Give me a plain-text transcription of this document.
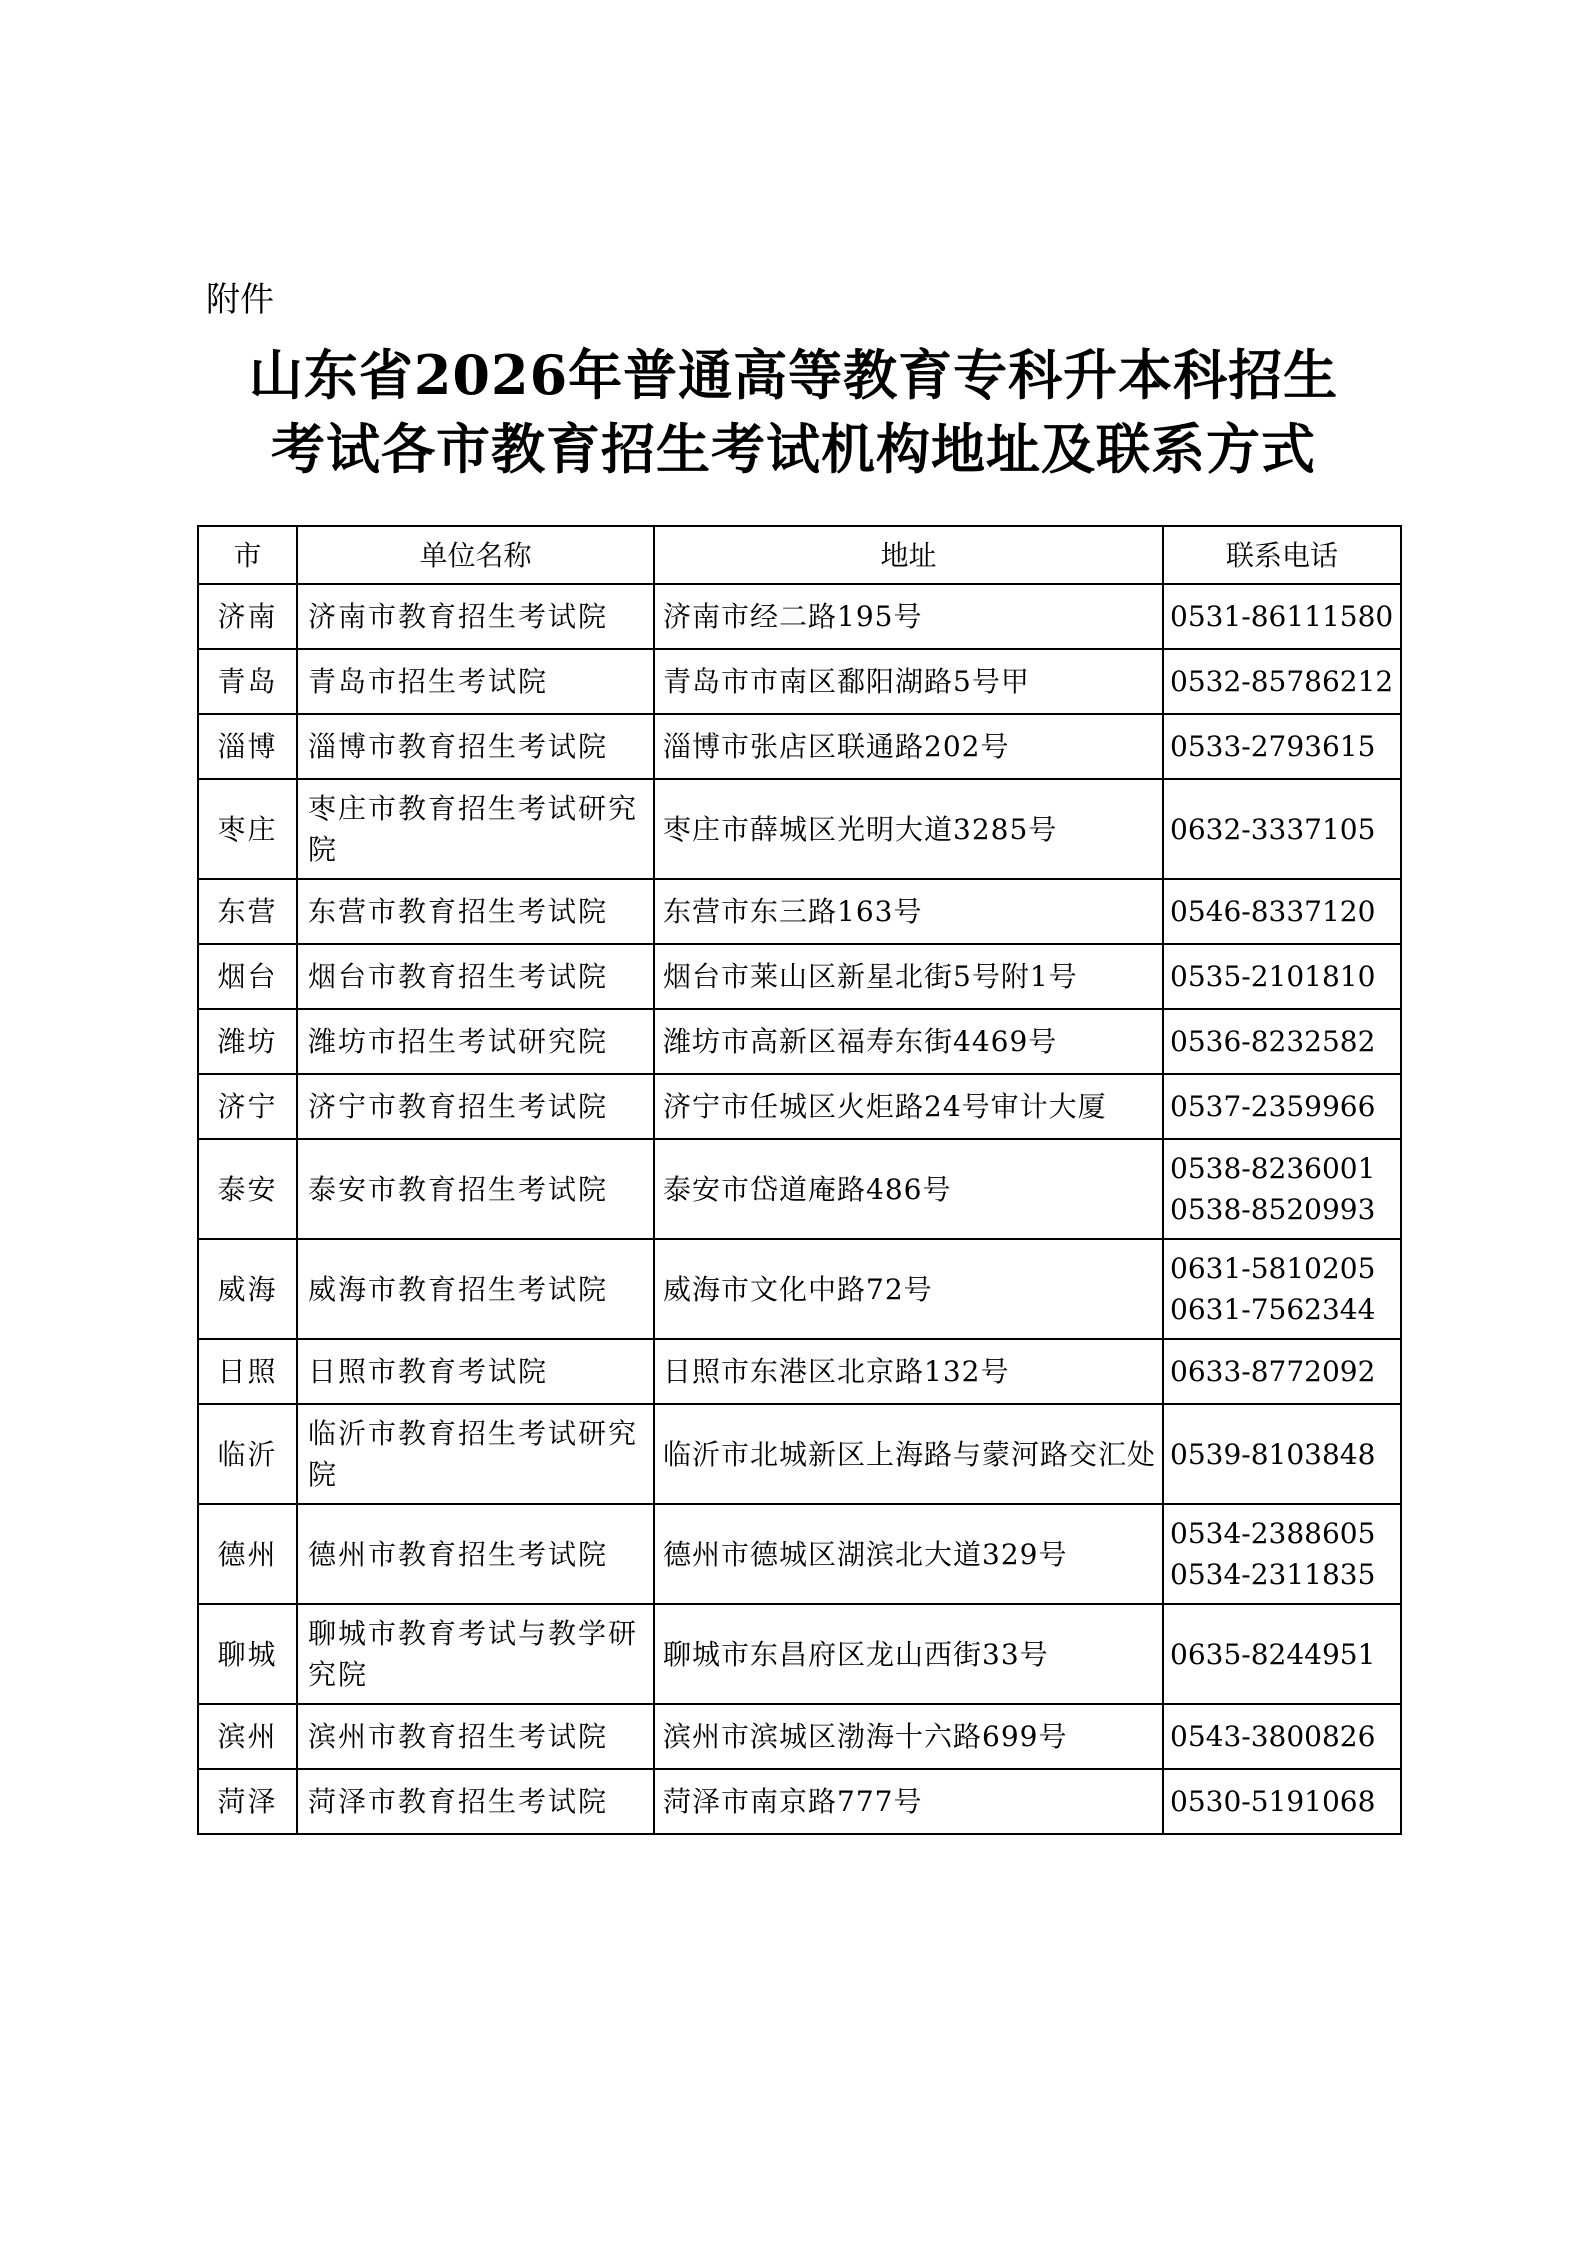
附件
山东省2026年普通高等教育专科升本科招生
考试各市教育招生考试机构地址及联系方式
市	单位名称	地址	联系电话
济南	济南市教育招生考试院	济南市经二路195号	0531-86111580

青岛	青岛市招生考试院	青岛市市南区鄱阳湖路5号甲	0532-85786212

淄博	淄博市教育招生考试院	淄博市张店区联通路202号	0533-2793615

枣庄	枣庄市教育招生考试研究院	枣庄市薛城区光明大道3285号	0632-3337105

东营	东营市教育招生考试院	东营市东三路163号	0546-8337120

烟台	烟台市教育招生考试院	烟台市莱山区新星北街5号附1号	0535-2101810

潍坊	潍坊市招生考试研究院	潍坊市高新区福寿东街4469号	0536-8232582

济宁	济宁市教育招生考试院	济宁市任城区火炬路24号审计大厦	0537-2359966

泰安	泰安市教育招生考试院	泰安市岱道庵路486号	0538-8236001
0538-8520993

威海	威海市教育招生考试院	威海市文化中路72号	0631-5810205
0631-7562344

日照	日照市教育考试院	日照市东港区北京路132号	0633-8772092

临沂	临沂市教育招生考试研究院	临沂市北城新区上海路与蒙河路交汇处	0539-8103848

德州	德州市教育招生考试院	德州市德城区湖滨北大道329号	0534-2388605
0534-2311835

聊城	聊城市教育考试与教学研究院	聊城市东昌府区龙山西街33号	0635-8244951

滨州	滨州市教育招生考试院	滨州市滨城区渤海十六路699号	0543-3800826

菏泽	菏泽市教育招生考试院	菏泽市南京路777号	0530-5191068
